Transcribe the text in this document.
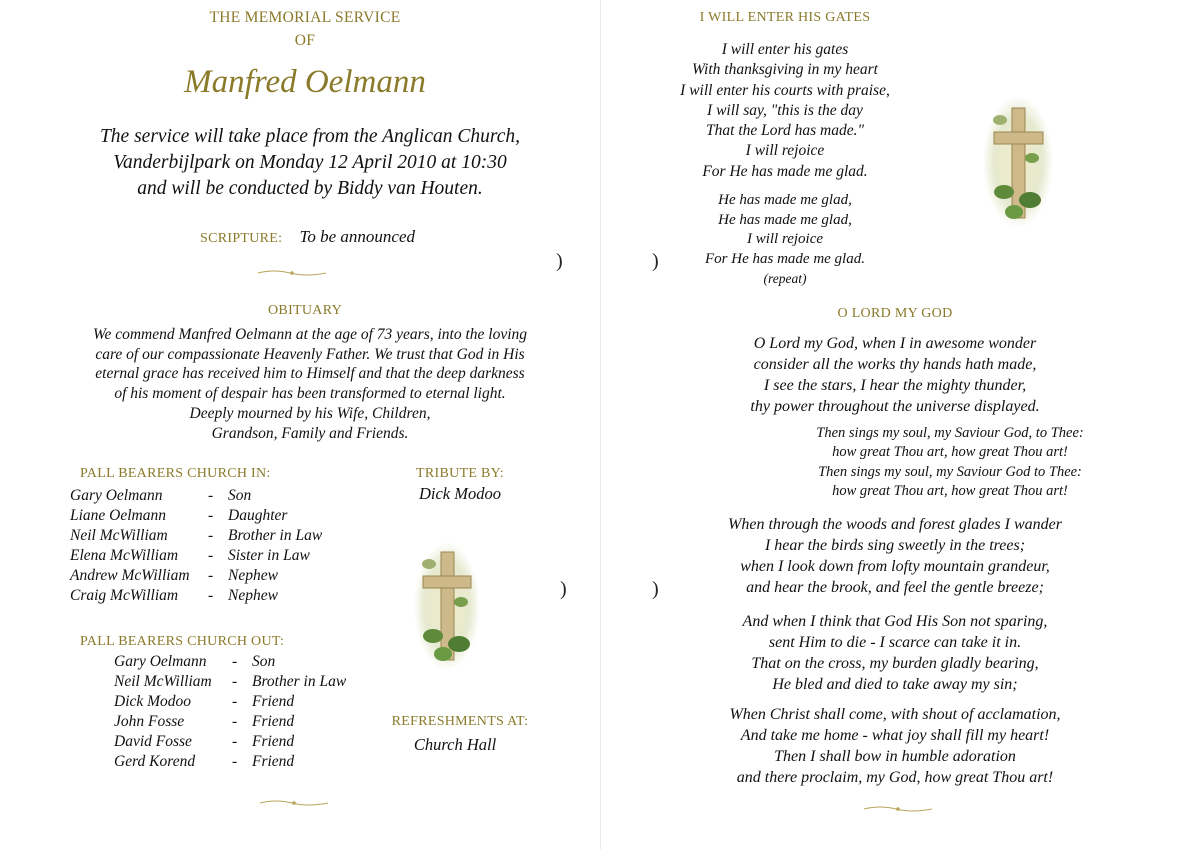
THE MEMORIAL SERVICE
OF
Manfred Oelmann
The service will take place from the Anglican Church,
Vanderbijlpark on Monday 12 April 2010 at 10:30
and will be conducted by Biddy van Houten.
SCRIPTURE: To be announced
OBITUARY
We commend Manfred Oelmann at the age of 73 years, into the loving
care of our compassionate Heavenly Father. We trust that God in His
eternal grace has received him to Himself and that the deep darkness
of his moment of despair has been transformed to eternal light.
Deeply mourned by his Wife, Children,
Grandson, Family and Friends.
PALL BEARERS CHURCH IN:
Gary Oelmann	-	Son
Liane Oelmann	-	Daughter
Neil McWilliam	-	Brother in Law
Elena McWilliam	-	Sister in Law
Andrew McWilliam	-	Nephew
Craig McWilliam	-	Nephew
TRIBUTE BY:
Dick Modoo
PALL BEARERS CHURCH OUT:
Gary Oelmann	-	Son
Neil McWilliam	-	Brother in Law
Dick Modoo	-	Friend
John Fosse	-	Friend
David Fosse	-	Friend
Gerd Korend	-	Friend
REFRESHMENTS AT:
Church Hall
)	)
)	)
I WILL ENTER HIS GATES
I will enter his gates
With thanksgiving in my heart
I will enter his courts with praise,
I will say, "this is the day
That the Lord has made."
I will rejoice
For He has made me glad.
He has made me glad,
He has made me glad,
I will rejoice
For He has made me glad.
(repeat)
O LORD MY GOD
O Lord my God, when I in awesome wonder
consider all the works thy hands hath made,
I see the stars, I hear the mighty thunder,
thy power throughout the universe displayed.
Then sings my soul, my Saviour God, to Thee:
how great Thou art, how great Thou art!
Then sings my soul, my Saviour God to Thee:
how great Thou art, how great Thou art!
When through the woods and forest glades I wander
I hear the birds sing sweetly in the trees;
when I look down from lofty mountain grandeur,
and hear the brook, and feel the gentle breeze;
And when I think that God His Son not sparing,
sent Him to die - I scarce can take it in.
That on the cross, my burden gladly bearing,
He bled and died to take away my sin;
When Christ shall come, with shout of acclamation,
And take me home - what joy shall fill my heart!
Then I shall bow in humble adoration
and there proclaim, my God, how great Thou art!
